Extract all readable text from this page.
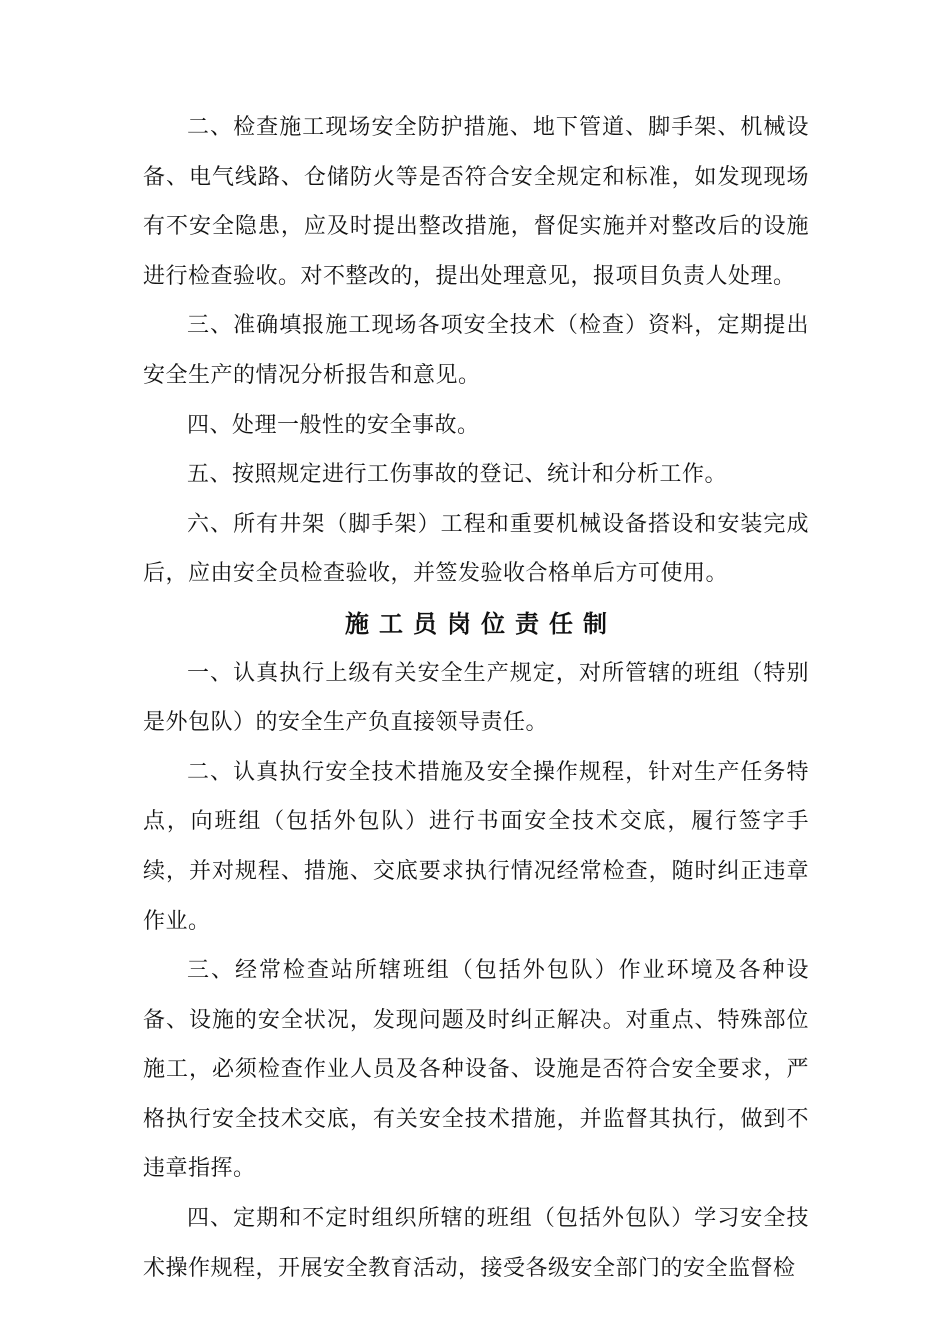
二、检查施工现场安全防护措施、地下管道、脚手架、机械设备、电气线路、仓储防火等是否符合安全规定和标准，如发现现场有不安全隐患，应及时提出整改措施，督促实施并对整改后的设施进行检查验收。对不整改的，提出处理意见，报项目负责人处理。

三、准确填报施工现场各项安全技术（检查）资料，定期提出安全生产的情况分析报告和意见。

四、处理一般性的安全事故。

五、按照规定进行工伤事故的登记、统计和分析工作。

六、所有井架（脚手架）工程和重要机械设备搭设和安装完成后，应由安全员检查验收，并签发验收合格单后方可使用。

施工员岗位责任制

一、认真执行上级有关安全生产规定，对所管辖的班组（特别是外包队）的安全生产负直接领导责任。

二、认真执行安全技术措施及安全操作规程，针对生产任务特点，向班组（包括外包队）进行书面安全技术交底，履行签字手续，并对规程、措施、交底要求执行情况经常检查，随时纠正违章作业。

三、经常检查站所辖班组（包括外包队）作业环境及各种设备、设施的安全状况，发现问题及时纠正解决。对重点、特殊部位施工，必须检查作业人员及各种设备、设施是否符合安全要求，严格执行安全技术交底，有关安全技术措施，并监督其执行，做到不违章指挥。

四、定期和不定时组织所辖的班组（包括外包队）学习安全技术操作规程，开展安全教育活动，接受各级安全部门的安全监督检
